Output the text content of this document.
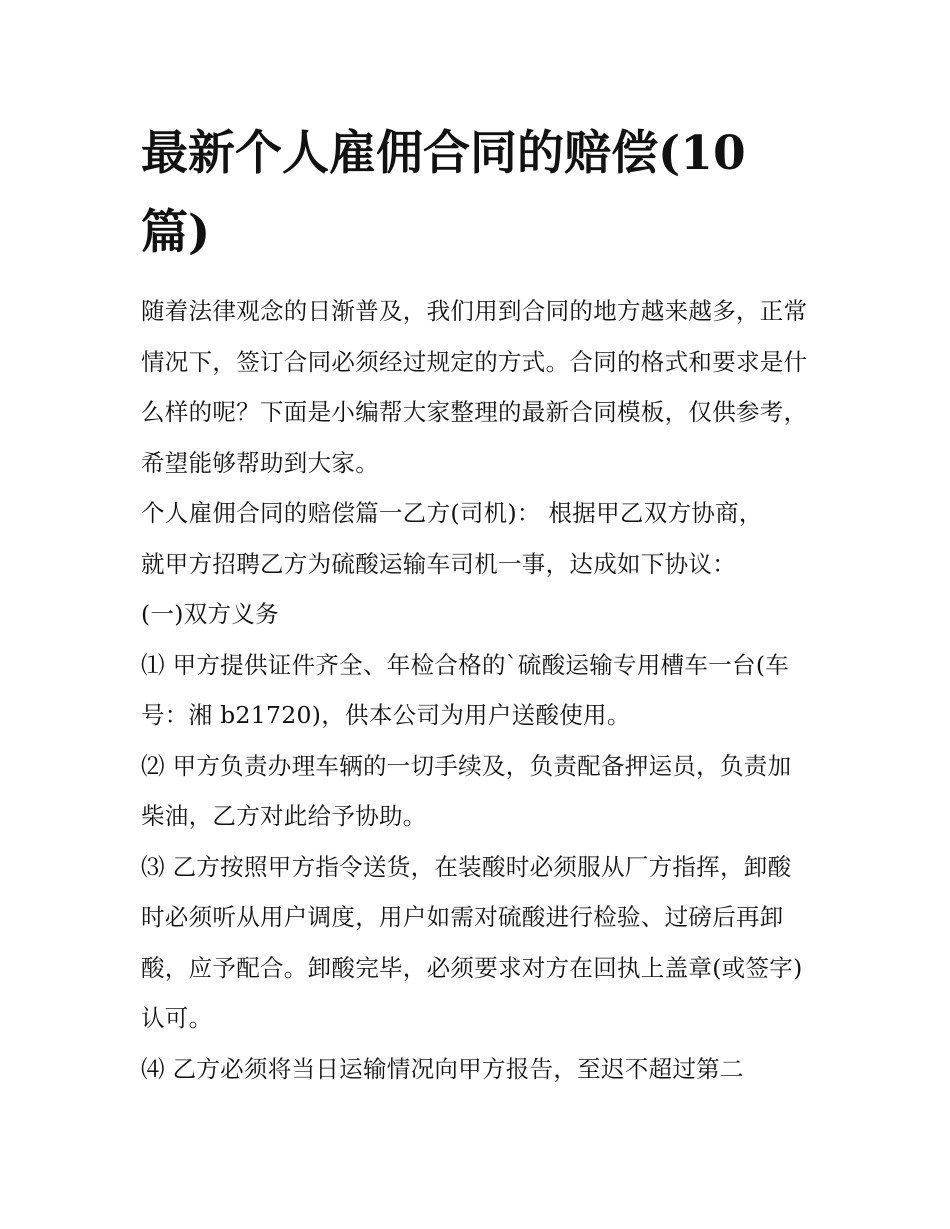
最新个人雇佣合同的赔偿(10篇)

随着法律观念的日渐普及，我们用到合同的地方越来越多，正常情况下，签订合同必须经过规定的方式。合同的格式和要求是什么样的呢？下面是小编帮大家整理的最新合同模板，仅供参考，希望能够帮助到大家。

个人雇佣合同的赔偿篇一乙方(司机)： 根据甲乙双方协商，

就甲方招聘乙方为硫酸运输车司机一事，达成如下协议：

(一)双方义务

⑴ 甲方提供证件齐全、年检合格的`硫酸运输专用槽车一台(车号：湘 b21720)，供本公司为用户送酸使用。

⑵ 甲方负责办理车辆的一切手续及，负责配备押运员，负责加柴油，乙方对此给予协助。

⑶ 乙方按照甲方指令送货，在装酸时必须服从厂方指挥，卸酸时必须听从用户调度，用户如需对硫酸进行检验、过磅后再卸酸，应予配合。卸酸完毕，必须要求对方在回执上盖章(或签字)认可。

⑷ 乙方必须将当日运输情况向甲方报告，至迟不超过第二
